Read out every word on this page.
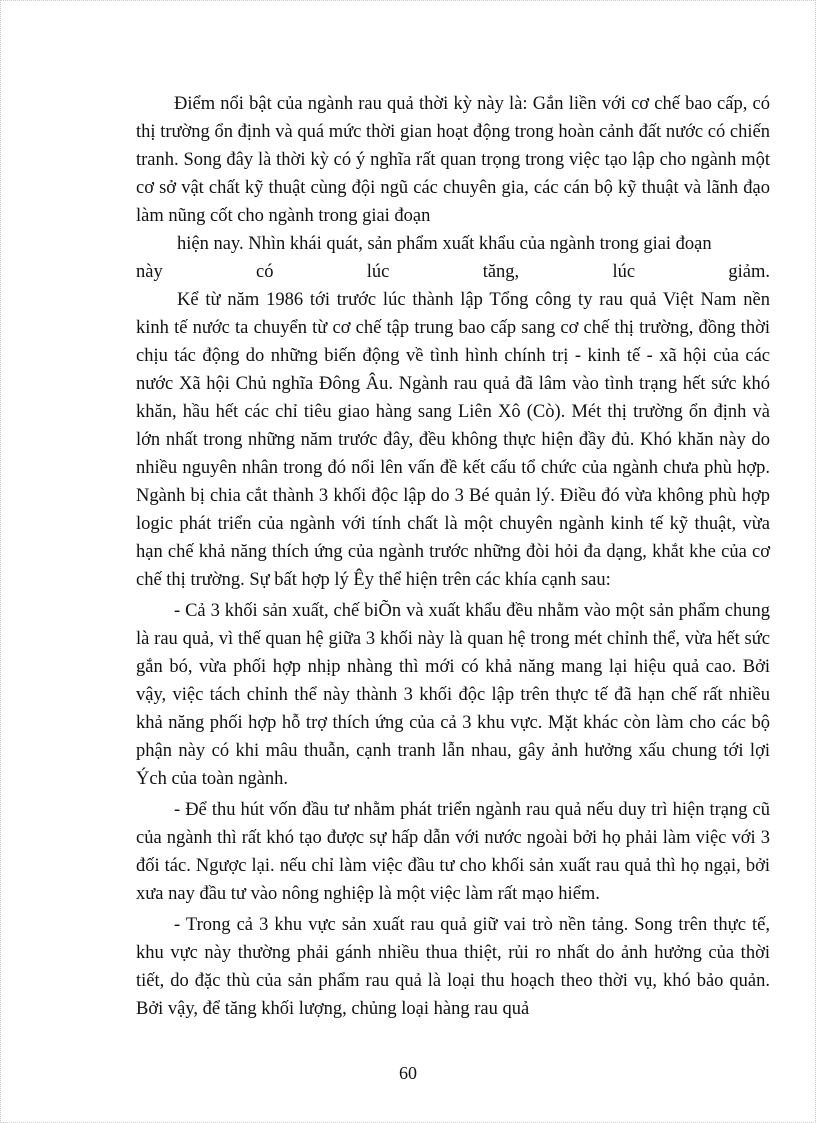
Điểm nổi bật của ngành rau quả thời kỳ này là: Gắn liền với cơ chế bao cấp, có thị trường ổn định và quá mức thời gian hoạt động trong hoàn cảnh đất nước có chiến tranh. Song đây là thời kỳ có ý nghĩa rất quan trọng trong việc tạo lập cho ngành một cơ sở vật chất kỹ thuật cùng đội ngũ các chuyên gia, các cán bộ kỹ thuật và lãnh đạo làm nũng cốt cho ngành trong giai đoạn

hiện nay. Nhìn khái quát, sản phẩm xuất khẩu của ngành trong giai đoạn

này	có	lúc	tăng,	lúc	giảm.

Kể từ năm 1986 tới trước lúc thành lập Tổng công ty rau quả Việt Nam nền kinh tế nước ta chuyển từ cơ chế tập trung bao cấp sang cơ chế thị trường, đồng thời chịu tác động do những biến động về tình hình chính trị - kinh tế - xã hội của các nước Xã hội Chủ nghĩa Đông Âu. Ngành rau quả đã lâm vào tình trạng hết sức khó khăn, hầu hết các chỉ tiêu giao hàng sang Liên Xô (Cò). Mét thị trường ổn định và lớn nhất trong những năm trước đây, đều không thực hiện đầy đủ. Khó khăn này do nhiều nguyên nhân trong đó nổi lên vấn đề kết cấu tổ chức của ngành chưa phù hợp. Ngành bị chia cắt thành 3 khối độc lập do 3 Bé quản lý. Điều đó vừa không phù hợp logic phát triển của ngành với tính chất là một chuyên ngành kinh tế kỹ thuật, vừa hạn chế khả năng thích ứng của ngành trước những đòi hỏi đa dạng, khắt khe của cơ chế thị trường. Sự bất hợp lý Êy thể hiện trên các khía cạnh sau:

- Cả 3 khối sản xuất, chế biÕn và xuất khẩu đều nhằm vào một sản phẩm chung là rau quả, vì thế quan hệ giữa 3 khối này là quan hệ trong mét chỉnh thể, vừa hết sức gắn bó, vừa phối hợp nhịp nhàng thì mới có khả năng mang lại hiệu quả cao. Bởi vậy, việc tách chỉnh thể này thành 3 khối độc lập trên thực tế đã hạn chế rất nhiều khả năng phối hợp hỗ trợ thích ứng của cả 3 khu vực. Mặt khác còn làm cho các bộ phận này có khi mâu thuẫn, cạnh tranh lẫn nhau, gây ảnh hưởng xấu chung tới lợi Ých của toàn ngành.

- Để thu hút vốn đầu tư nhằm phát triển ngành rau quả nếu duy trì hiện trạng cũ của ngành thì rất khó tạo được sự hấp dẫn với nước ngoài bởi họ phải làm việc với 3 đối tác. Ngược lại. nếu chỉ làm việc đầu tư cho khối sản xuất rau quả thì họ ngại, bởi xưa nay đầu tư vào nông nghiệp là một việc làm rất mạo hiểm.

- Trong cả 3 khu vực sản xuất rau quả giữ vai trò nền tảng. Song trên thực tế, khu vực này thường phải gánh nhiều thua thiệt, rủi ro nhất do ảnh hưởng của thời tiết, do đặc thù của sản phẩm rau quả là loại thu hoạch theo thời vụ, khó bảo quản. Bởi vậy, để tăng khối lượng, chủng loại hàng rau quả

60
